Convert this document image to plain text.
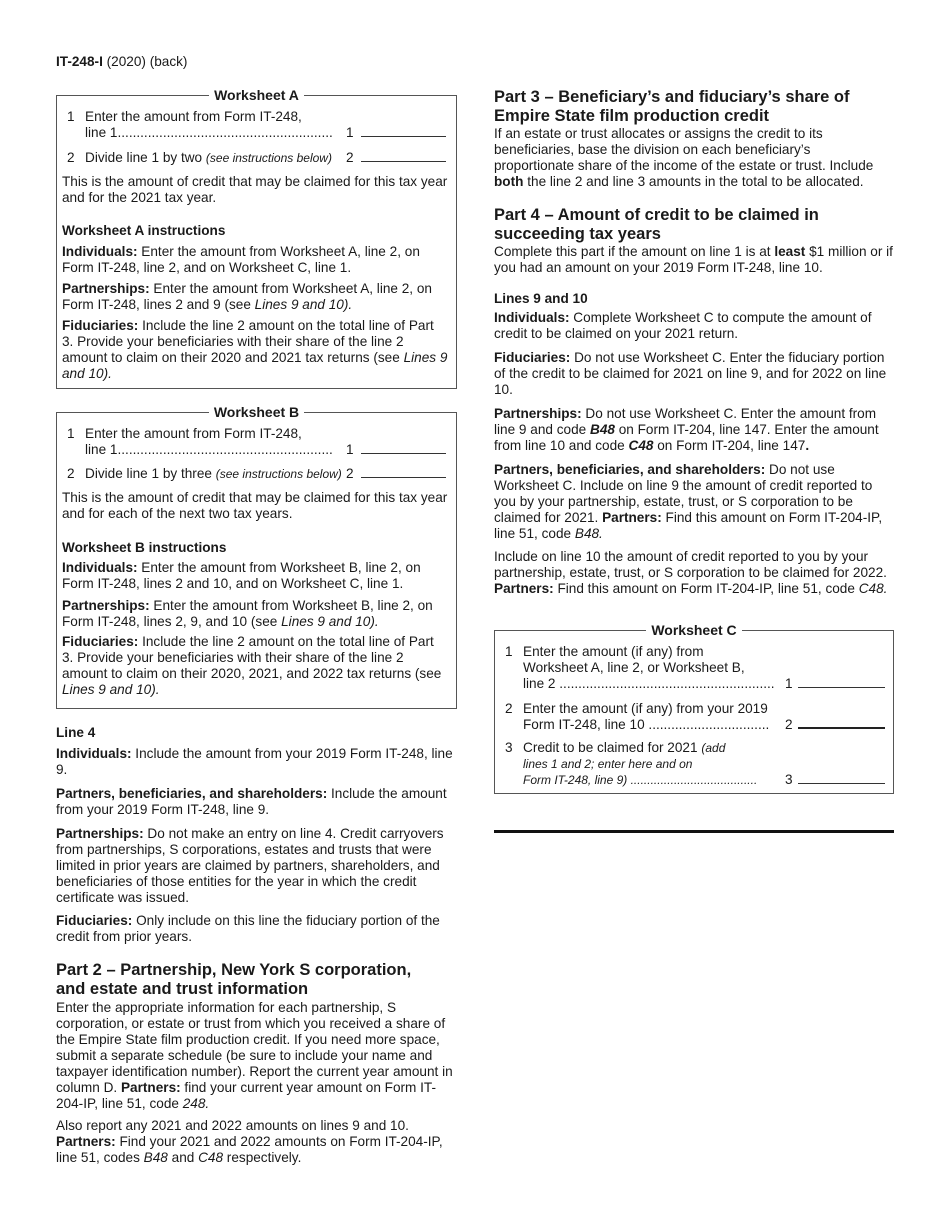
IT-248-I (2020) (back)
Worksheet A
1 Enter the amount from Form IT-248,
line 1......................................................... 1
2 Divide line 1 by two (see instructions below) 2

This is the amount of credit that may be claimed for this tax year and for the 2021 tax year.

Worksheet A instructions

Individuals: Enter the amount from Worksheet A, line 2, on Form IT-248, line 2, and on Worksheet C, line 1.

Partnerships: Enter the amount from Worksheet A, line 2, on Form IT-248, lines 2 and 9 (see Lines 9 and 10).

Fiduciaries: Include the line 2 amount on the total line of Part 3. Provide your beneficiaries with their share of the line 2 amount to claim on their 2020 and 2021 tax returns (see Lines 9 and 10).

Worksheet B
1 Enter the amount from Form IT-248,
line 1......................................................... 1
2 Divide line 1 by three (see instructions below) 2

This is the amount of credit that may be claimed for this tax year and for each of the next two tax years.

Worksheet B instructions

Individuals: Enter the amount from Worksheet B, line 2, on Form IT-248, lines 2 and 10, and on Worksheet C, line 1.

Partnerships: Enter the amount from Worksheet B, line 2, on Form IT-248, lines 2, 9, and 10 (see Lines 9 and 10).

Fiduciaries: Include the line 2 amount on the total line of Part 3. Provide your beneficiaries with their share of the line 2 amount to claim on their 2020, 2021, and 2022 tax returns (see Lines 9 and 10).

Line 4

Individuals: Include the amount from your 2019 Form IT-248, line 9.

Partners, beneficiaries, and shareholders: Include the amount from your 2019 Form IT-248, line 9.

Partnerships: Do not make an entry on line 4. Credit carryovers from partnerships, S corporations, estates and trusts that were limited in prior years are claimed by partners, shareholders, and beneficiaries of those entities for the year in which the credit certificate was issued.

Fiduciaries: Only include on this line the fiduciary portion of the credit from prior years.

Part 2 – Partnership, New York S corporation, and estate and trust information

Enter the appropriate information for each partnership, S corporation, or estate or trust from which you received a share of the Empire State film production credit. If you need more space, submit a separate schedule (be sure to include your name and taxpayer identification number). Report the current year amount in column D. Partners: find your current year amount on Form IT-204-IP, line 51, code 248.

Also report any 2021 and 2022 amounts on lines 9 and 10. Partners: Find your 2021 and 2022 amounts on Form IT-204-IP, line 51, codes B48 and C48 respectively.

Part 3 – Beneficiary’s and fiduciary’s share of Empire State film production credit

If an estate or trust allocates or assigns the credit to its beneficiaries, base the division on each beneficiary’s proportionate share of the income of the estate or trust. Include both the line 2 and line 3 amounts in the total to be allocated.

Part 4 – Amount of credit to be claimed in succeeding tax years

Complete this part if the amount on line 1 is at least $1 million or if you had an amount on your 2019 Form IT-248, line 10.

Lines 9 and 10

Individuals: Complete Worksheet C to compute the amount of credit to be claimed on your 2021 return.

Fiduciaries: Do not use Worksheet C. Enter the fiduciary portion of the credit to be claimed for 2021 on line 9, and for 2022 on line 10.

Partnerships: Do not use Worksheet C. Enter the amount from line 9 and code B48 on Form IT-204, line 147. Enter the amount from line 10 and code C48 on Form IT-204, line 147.

Partners, beneficiaries, and shareholders: Do not use Worksheet C. Include on line 9 the amount of credit reported to you by your partnership, estate, trust, or S corporation to be claimed for 2021. Partners: Find this amount on Form IT-204-IP, line 51, code B48.

Include on line 10 the amount of credit reported to you by your partnership, estate, trust, or S corporation to be claimed for 2022. Partners: Find this amount on Form IT-204-IP, line 51, code C48.

Worksheet C
1 Enter the amount (if any) from
Worksheet A, line 2, or Worksheet B,
line 2 ......................................................... 1
2 Enter the amount (if any) from your 2019
Form IT-248, line 10 ................................ 2
3 Credit to be claimed for 2021 (add
lines 1 and 2; enter here and on
Form IT-248, line 9) ...................................... 3
